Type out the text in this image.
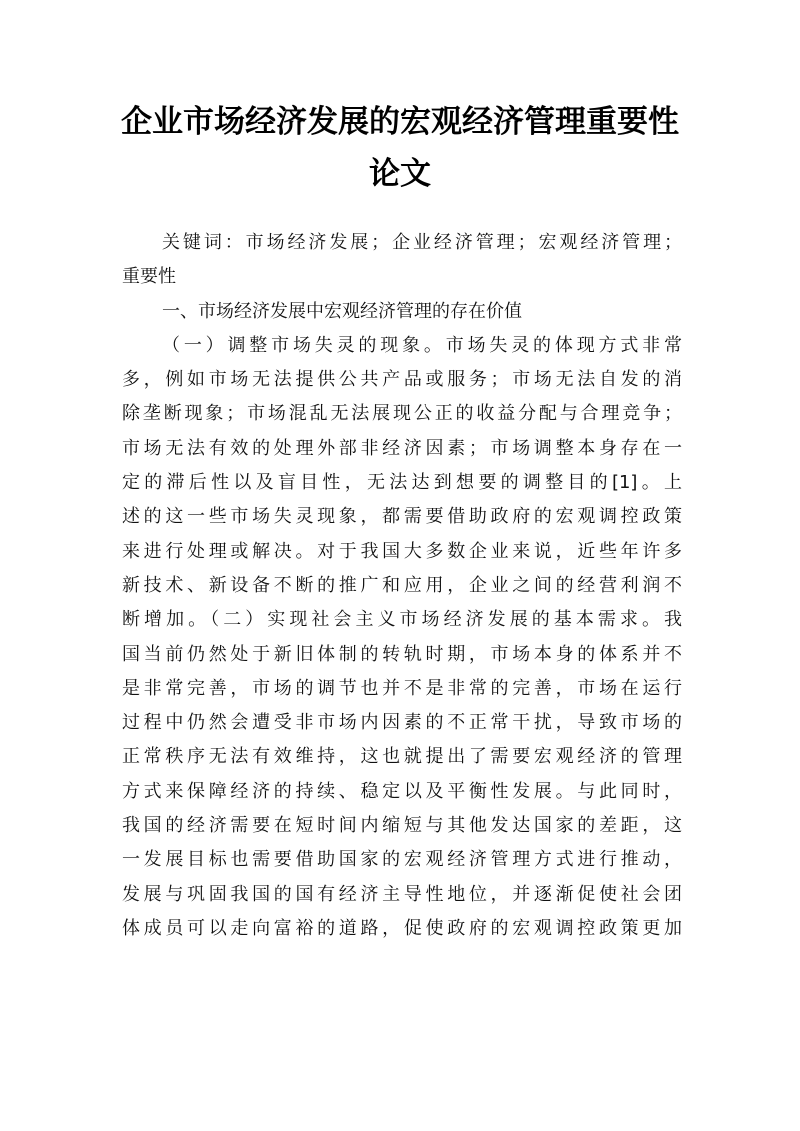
企业市场经济发展的宏观经济管理重要性
论文
关键词：市场经济发展；企业经济管理；宏观经济管理；
重要性
一、市场经济发展中宏观经济管理的存在价值
（一）调整市场失灵的现象。市场失灵的体现方式非常
多，例如市场无法提供公共产品或服务；市场无法自发的消
除垄断现象；市场混乱无法展现公正的收益分配与合理竞争；
市场无法有效的处理外部非经济因素；市场调整本身存在一
定的滞后性以及盲目性，无法达到想要的调整目的[1]。上
述的这一些市场失灵现象，都需要借助政府的宏观调控政策
来进行处理或解决。对于我国大多数企业来说，近些年许多
新技术、新设备不断的推广和应用，企业之间的经营利润不
断增加。（二）实现社会主义市场经济发展的基本需求。我
国当前仍然处于新旧体制的转轨时期，市场本身的体系并不
是非常完善，市场的调节也并不是非常的完善，市场在运行
过程中仍然会遭受非市场内因素的不正常干扰，导致市场的
正常秩序无法有效维持，这也就提出了需要宏观经济的管理
方式来保障经济的持续、稳定以及平衡性发展。与此同时，
我国的经济需要在短时间内缩短与其他发达国家的差距，这
一发展目标也需要借助国家的宏观经济管理方式进行推动，
发展与巩固我国的国有经济主导性地位，并逐渐促使社会团
体成员可以走向富裕的道路，促使政府的宏观调控政策更加
